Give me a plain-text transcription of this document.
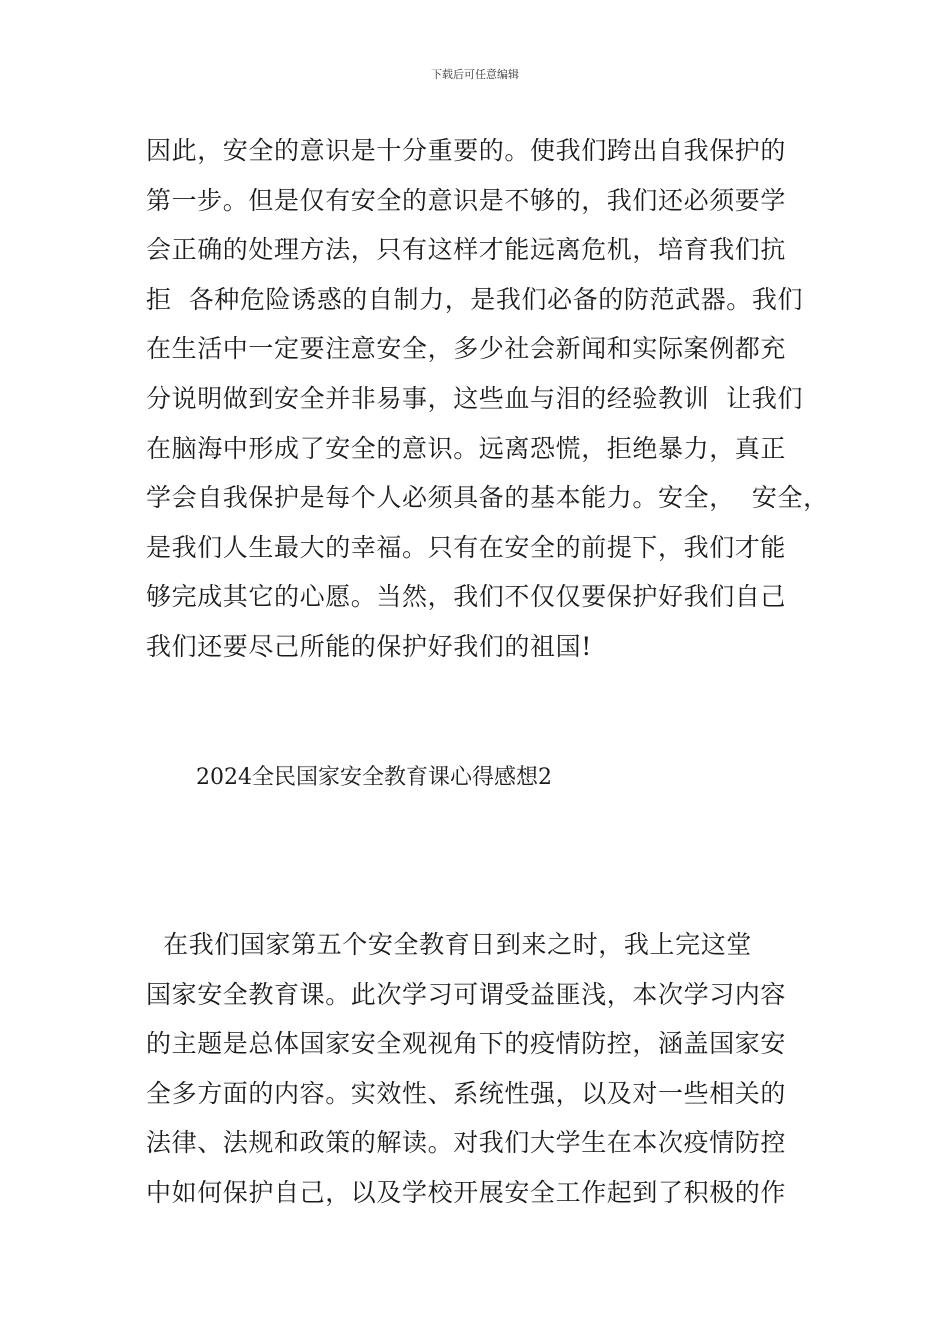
下载后可任意编辑
因此，安全的意识是十分重要的。使我们跨出自我保护的
第一步。但是仅有安全的意识是不够的，我们还必须要学
会正确的处理方法，只有这样才能远离危机，培育我们抗
拒  各种危险诱惑的自制力，是我们必备的防范武器。我们
在生活中一定要注意安全，多少社会新闻和实际案例都充
分说明做到安全并非易事，这些血与泪的经验教训  让我们
在脑海中形成了安全的意识。远离恐慌，拒绝暴力，真正
学会自我保护是每个人必须具备的基本能力。安全，  安全，
是我们人生最大的幸福。只有在安全的前提下，我们才能
够完成其它的心愿。当然，我们不仅仅要保护好我们自己
我们还要尽己所能的保护好我们的祖国!
2024全民国家安全教育课心得感想2
在我们国家第五个安全教育日到来之时，我上完这堂
国家安全教育课。此次学习可谓受益匪浅，本次学习内容
的主题是总体国家安全观视角下的疫情防控，涵盖国家安
全多方面的内容。实效性、系统性强，以及对一些相关的
法律、法规和政策的解读。对我们大学生在本次疫情防控
中如何保护自己，以及学校开展安全工作起到了积极的作
